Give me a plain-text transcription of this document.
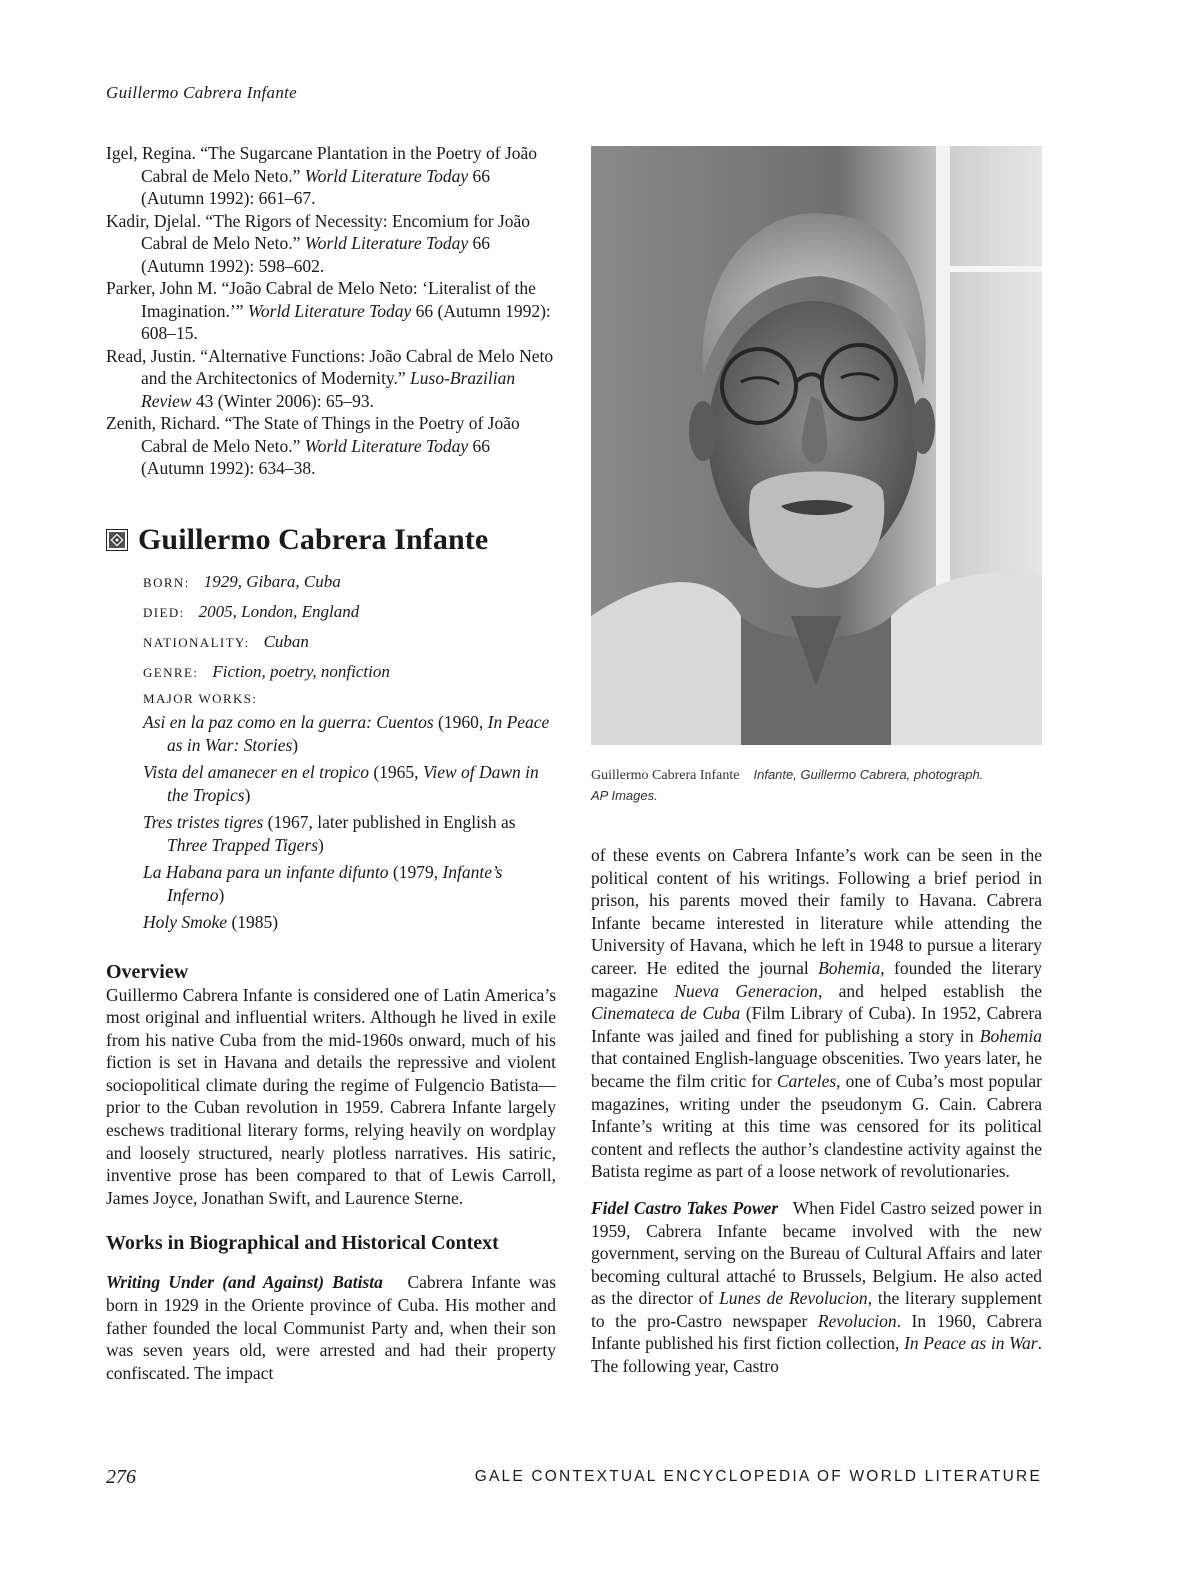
Guillermo Cabrera Infante
Igel, Regina. “The Sugarcane Plantation in the Poetry of João Cabral de Melo Neto.” World Literature Today 66 (Autumn 1992): 661–67.
Kadir, Djelal. “The Rigors of Necessity: Encomium for João Cabral de Melo Neto.” World Literature Today 66 (Autumn 1992): 598–602.
Parker, John M. “João Cabral de Melo Neto: ‘Literalist of the Imagination.’” World Literature Today 66 (Autumn 1992): 608–15.
Read, Justin. “Alternative Functions: João Cabral de Melo Neto and the Architectonics of Modernity.” Luso-Brazilian Review 43 (Winter 2006): 65–93.
Zenith, Richard. “The State of Things in the Poetry of João Cabral de Melo Neto.” World Literature Today 66 (Autumn 1992): 634–38.
Guillermo Cabrera Infante
BORN: 1929, Gibara, Cuba
DIED: 2005, London, England
NATIONALITY: Cuban
GENRE: Fiction, poetry, nonfiction
MAJOR WORKS:
Asi en la paz como en la guerra: Cuentos (1960, In Peace as in War: Stories)
Vista del amanecer en el tropico (1965, View of Dawn in the Tropics)
Tres tristes tigres (1967, later published in English as Three Trapped Tigers)
La Habana para un infante difunto (1979, Infante’s Inferno)
Holy Smoke (1985)
Overview

Guillermo Cabrera Infante is considered one of Latin America’s most original and influential writers. Although he lived in exile from his native Cuba from the mid-1960s onward, much of his fiction is set in Havana and details the repressive and violent sociopolitical climate during the regime of Fulgencio Batista—prior to the Cuban revolution in 1959. Cabrera Infante largely eschews traditional literary forms, relying heavily on wordplay and loosely structured, nearly plotless narratives. His satiric, inventive prose has been compared to that of Lewis Carroll, James Joyce, Jonathan Swift, and Laurence Sterne.

Works in Biographical and Historical Context

Writing Under (and Against) Batista Cabrera Infante was born in 1929 in the Oriente province of Cuba. His mother and father founded the local Communist Party and, when their son was seven years old, were arrested and had their property confiscated. The impact

Guillermo Cabrera Infante Infante, Guillermo Cabrera, photograph.
AP Images.

of these events on Cabrera Infante’s work can be seen in the political content of his writings. Following a brief period in prison, his parents moved their family to Havana. Cabrera Infante became interested in literature while attending the University of Havana, which he left in 1948 to pursue a literary career. He edited the journal Bohemia, founded the literary magazine Nueva Generacion, and helped establish the Cinemateca de Cuba (Film Library of Cuba). In 1952, Cabrera Infante was jailed and fined for publishing a story in Bohemia that contained English-language obscenities. Two years later, he became the film critic for Carteles, one of Cuba’s most popular magazines, writing under the pseudonym G. Cain. Cabrera Infante’s writing at this time was censored for its political content and reflects the author’s clandestine activity against the Batista regime as part of a loose network of revolutionaries.

Fidel Castro Takes Power When Fidel Castro seized power in 1959, Cabrera Infante became involved with the new government, serving on the Bureau of Cultural Affairs and later becoming cultural attaché to Brussels, Belgium. He also acted as the director of Lunes de Revolucion, the literary supplement to the pro-Castro newspaper Revolucion. In 1960, Cabrera Infante published his first fiction collection, In Peace as in War. The following year, Castro

276	GALE CONTEXTUAL ENCYCLOPEDIA OF WORLD LITERATURE
